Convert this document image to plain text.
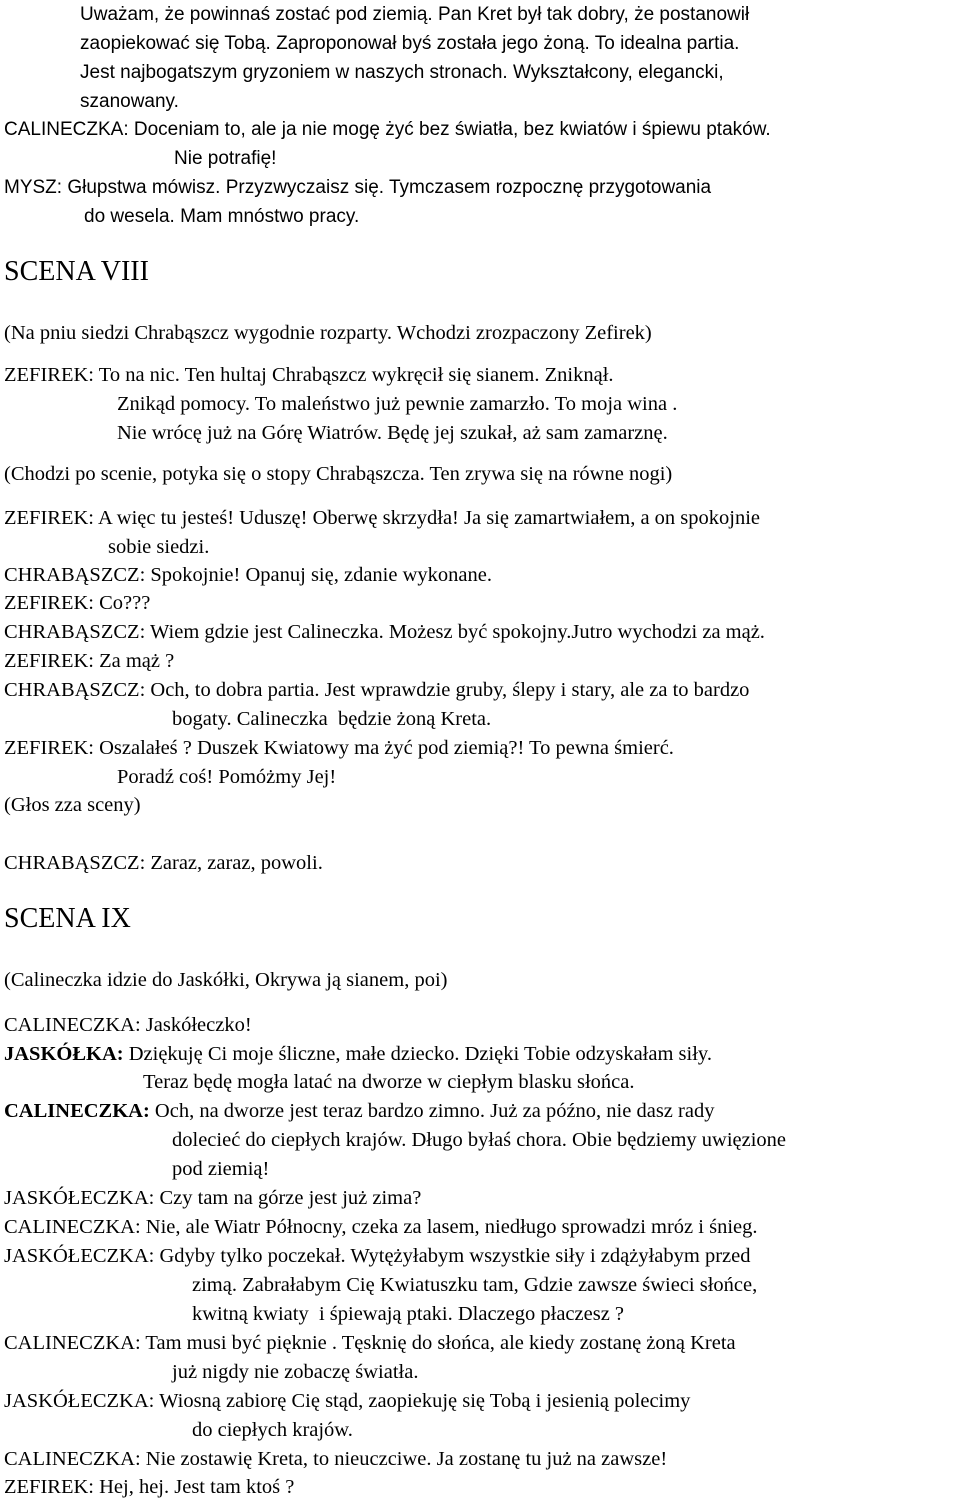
Uważam, że powinnaś zostać pod ziemią. Pan Kret był tak dobry, że postanowił
zaopiekować się Tobą. Zaproponował byś została jego żoną. To idealna partia.
Jest najbogatszym gryzoniem w naszych stronach. Wykształcony, elegancki,
szanowany.
CALINECZKA: Doceniam to, ale ja nie mogę żyć bez światła, bez kwiatów i śpiewu ptaków.
Nie potrafię!
MYSZ: Głupstwa mówisz. Przyzwyczaisz się. Tymczasem rozpocznę przygotowania
do wesela. Mam mnóstwo pracy.
SCENA VIII
(Na pniu siedzi Chrabąszcz wygodnie rozparty. Wchodzi zrozpaczony Zefirek)
ZEFIREK: To na nic. Ten hultaj Chrabąszcz wykręcił się sianem. Zniknął.
Znikąd pomocy. To maleństwo już pewnie zamarzło. To moja wina .
Nie wrócę już na Górę Wiatrów. Będę jej szukał, aż sam zamarznę.
(Chodzi po scenie, potyka się o stopy Chrabąszcza. Ten zrywa się na równe nogi)
ZEFIREK: A więc tu jesteś! Uduszę! Oberwę skrzydła! Ja się zamartwiałem, a on spokojnie
sobie siedzi.
CHRABĄSZCZ: Spokojnie! Opanuj się, zdanie wykonane.
ZEFIREK: Co???
CHRABĄSZCZ: Wiem gdzie jest Calineczka. Możesz być spokojny.Jutro wychodzi za mąż.
ZEFIREK: Za mąż ?
CHRABĄSZCZ: Och, to dobra partia. Jest wprawdzie gruby, ślepy i stary, ale za to bardzo
bogaty. Calineczka  będzie żoną Kreta.
ZEFIREK: Oszalałeś ? Duszek Kwiatowy ma żyć pod ziemią?! To pewna śmierć.
Poradź coś! Pomóżmy Jej!
(Głos zza sceny)
CHRABĄSZCZ: Zaraz, zaraz, powoli.
SCENA IX
(Calineczka idzie do Jaskółki, Okrywa ją sianem, poi)
CALINECZKA: Jaskółeczko!
JASKÓŁKA: Dziękuję Ci moje śliczne, małe dziecko. Dzięki Tobie odzyskałam siły.
Teraz będę mogła latać na dworze w ciepłym blasku słońca.
CALINECZKA: Och, na dworze jest teraz bardzo zimno. Już za późno, nie dasz rady
dolecieć do ciepłych krajów. Długo byłaś chora. Obie będziemy uwięzione
pod ziemią!
JASKÓŁECZKA: Czy tam na górze jest już zima?
CALINECZKA: Nie, ale Wiatr Północny, czeka za lasem, niedługo sprowadzi mróz i śnieg.
JASKÓŁECZKA: Gdyby tylko poczekał. Wytężyłabym wszystkie siły i zdążyłabym przed
zimą. Zabrałabym Cię Kwiatuszku tam, Gdzie zawsze świeci słońce,
kwitną kwiaty  i śpiewają ptaki. Dlaczego płaczesz ?
CALINECZKA: Tam musi być pięknie . Tęsknię do słońca, ale kiedy zostanę żoną Kreta
już nigdy nie zobaczę światła.
JASKÓŁECZKA: Wiosną zabiorę Cię stąd, zaopiekuję się Tobą i jesienią polecimy
do ciepłych krajów.
CALINECZKA: Nie zostawię Kreta, to nieuczciwe. Ja zostanę tu już na zawsze!
ZEFIREK: Hej, hej. Jest tam ktoś ?
